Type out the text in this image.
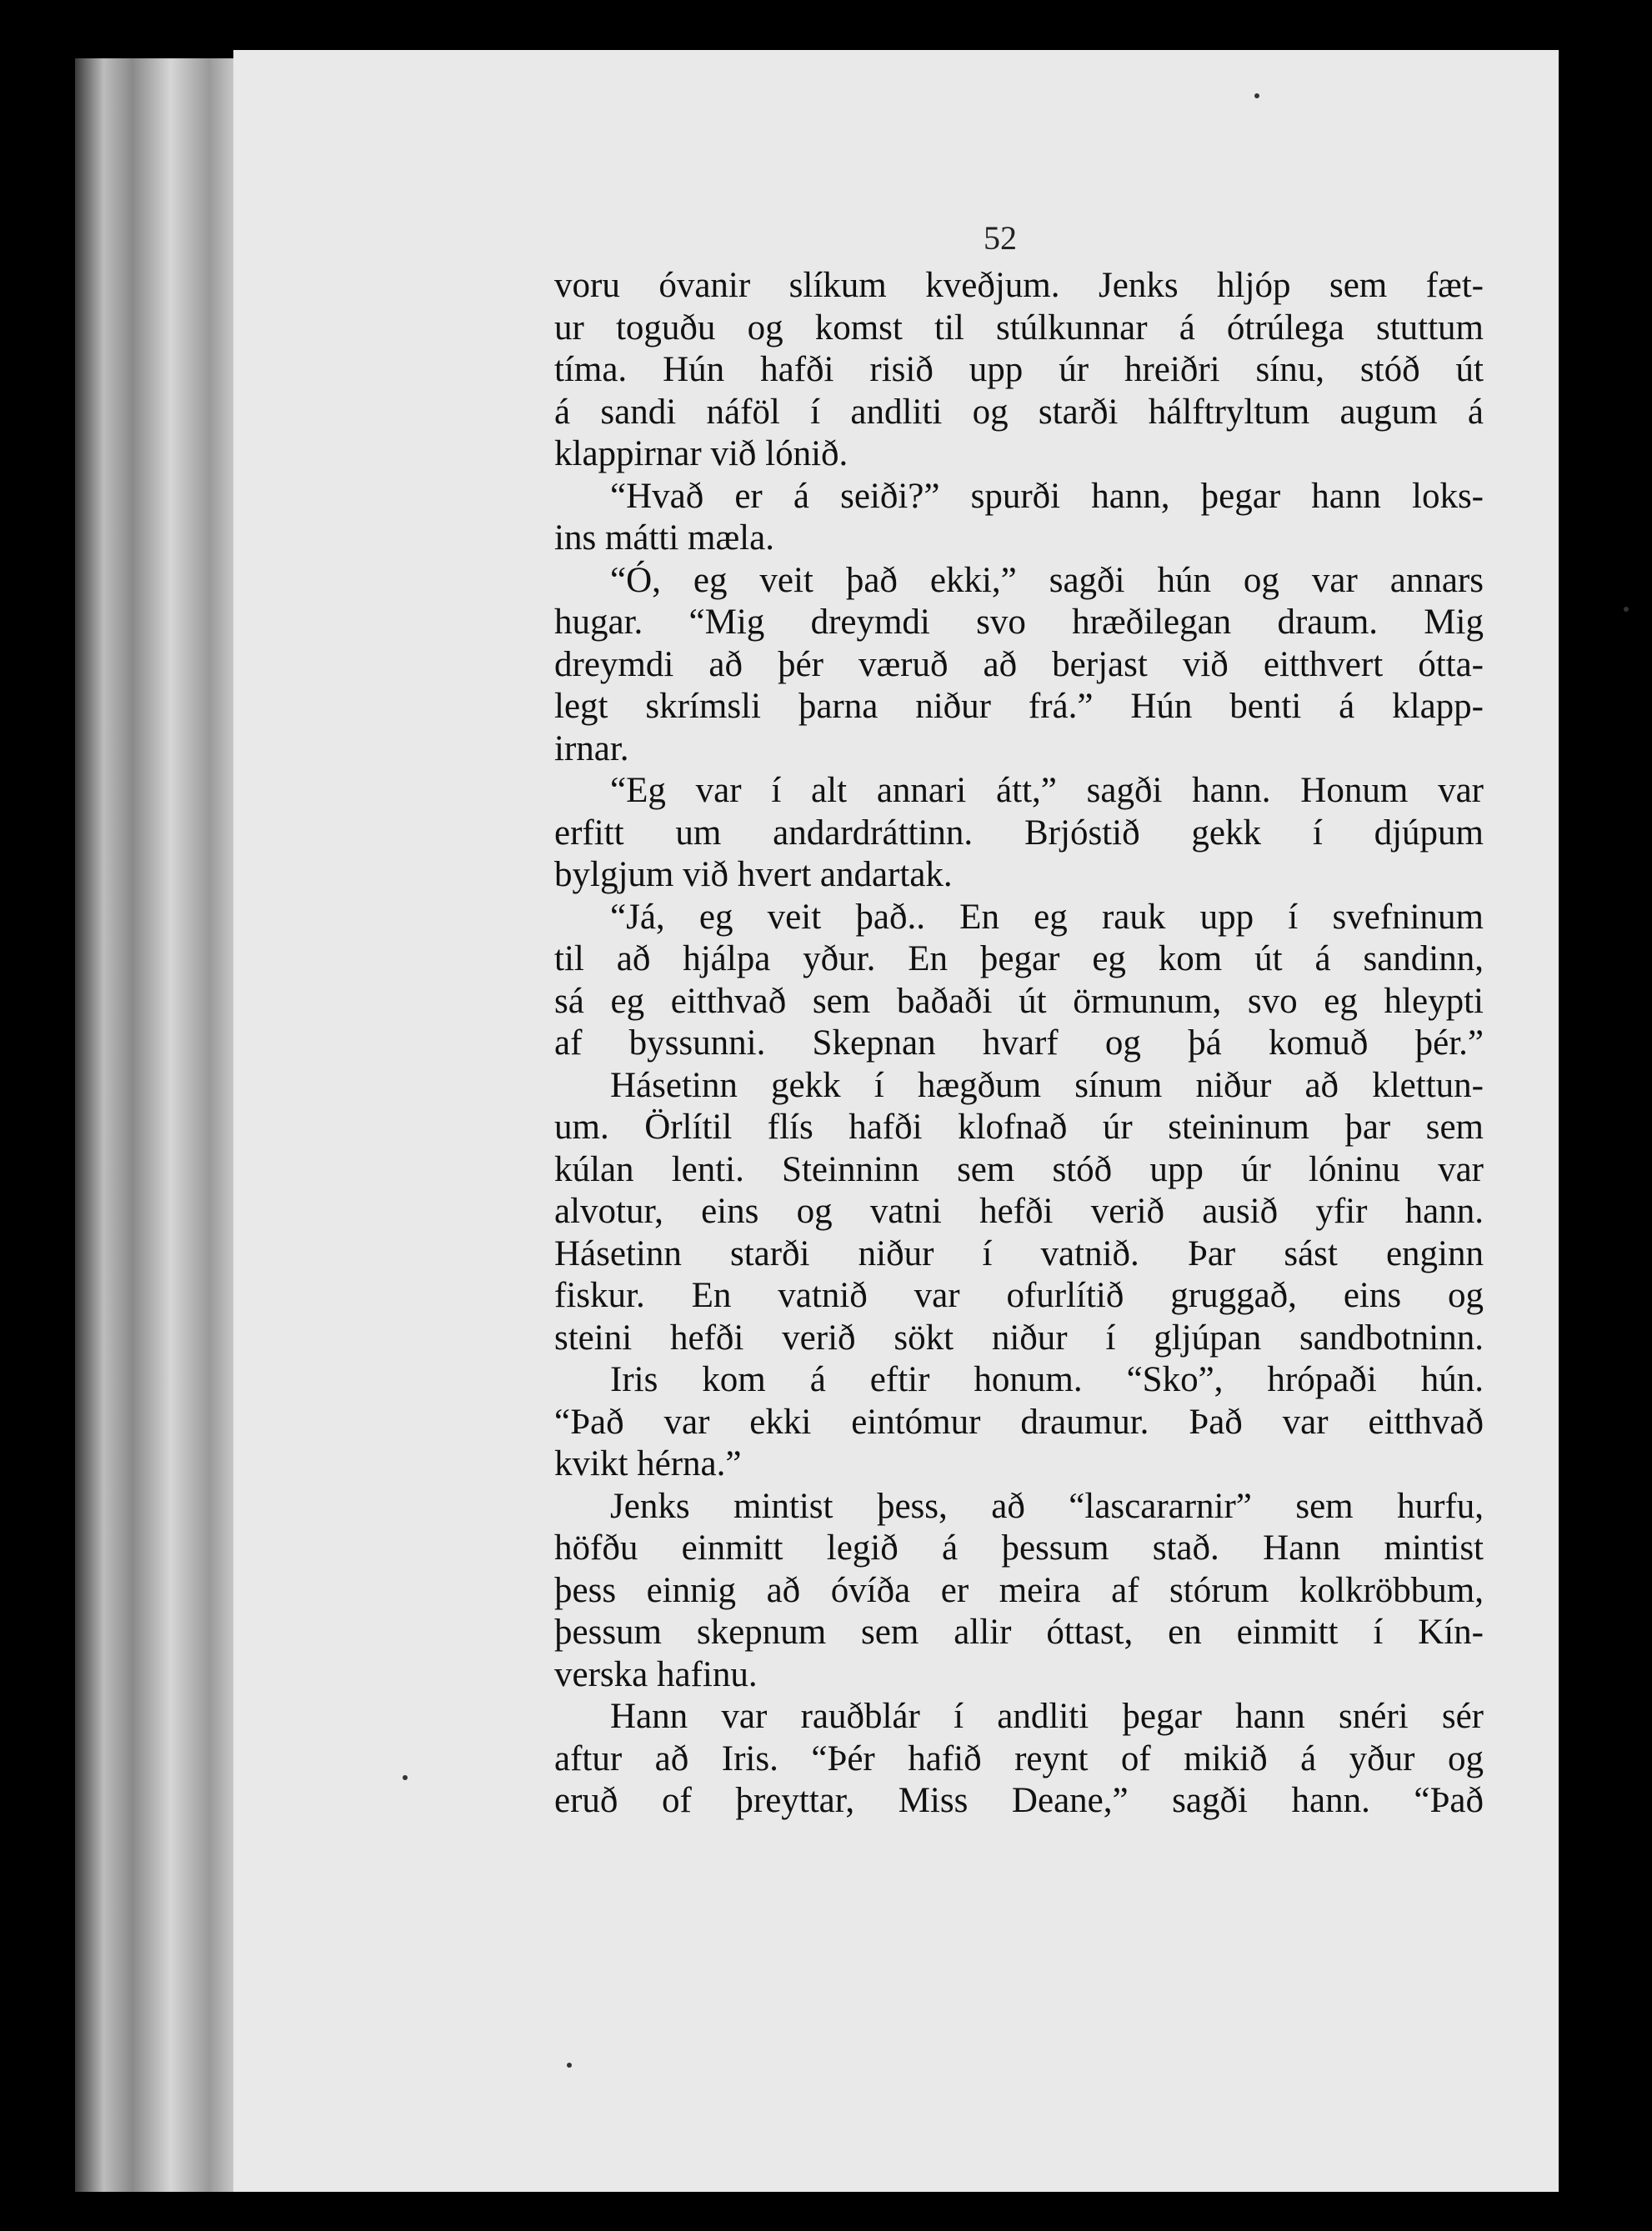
52
voru óvanir slíkum kveðjum. Jenks hljóp sem fæt-
ur toguðu og komst til stúlkunnar á ótrúlega stuttum
tíma. Hún hafði risið upp úr hreiðri sínu, stóð út
á sandi náföl í andliti og starði hálftryltum augum á
klappirnar við lónið.
“Hvað er á seiði?” spurði hann, þegar hann loks-
ins mátti mæla.
“Ó, eg veit það ekki,” sagði hún og var annars
hugar. “Mig dreymdi svo hræðilegan draum. Mig
dreymdi að þér væruð að berjast við eitthvert ótta-
legt skrímsli þarna niður frá.” Hún benti á klapp-
irnar.
“Eg var í alt annari átt,” sagði hann. Honum var
erfitt um andardráttinn. Brjóstið gekk í djúpum
bylgjum við hvert andartak.
“Já, eg veit það.. En eg rauk upp í svefninum
til að hjálpa yður. En þegar eg kom út á sandinn,
sá eg eitthvað sem baðaði út örmunum, svo eg hleypti
af byssunni. Skepnan hvarf og þá komuð þér.”
Hásetinn gekk í hægðum sínum niður að klettun-
um. Örlítil flís hafði klofnað úr steininum þar sem
kúlan lenti. Steinninn sem stóð upp úr lóninu var
alvotur, eins og vatni hefði verið ausið yfir hann.
Hásetinn starði niður í vatnið. Þar sást enginn
fiskur. En vatnið var ofurlítið gruggað, eins og
steini hefði verið sökt niður í gljúpan sandbotninn.
Iris kom á eftir honum. “Sko”, hrópaði hún.
“Það var ekki eintómur draumur. Það var eitthvað
kvikt hérna.”
Jenks mintist þess, að “lascararnir” sem hurfu,
höfðu einmitt legið á þessum stað. Hann mintist
þess einnig að óvíða er meira af stórum kolkröbbum,
þessum skepnum sem allir óttast, en einmitt í Kín-
verska hafinu.
Hann var rauðblár í andliti þegar hann snéri sér
aftur að Iris. “Þér hafið reynt of mikið á yður og
eruð of þreyttar, Miss Deane,” sagði hann. “Það
